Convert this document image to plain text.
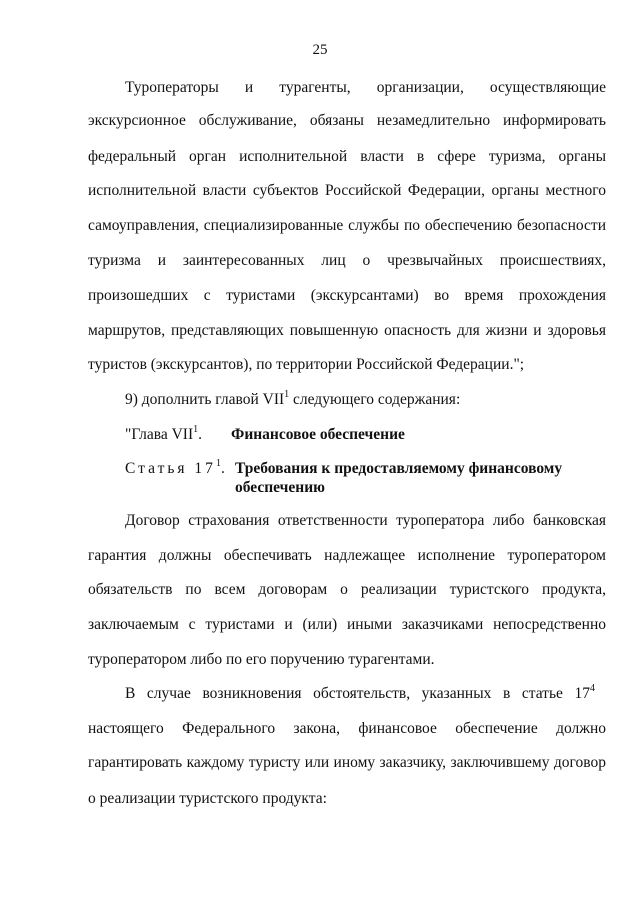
25
Туроператоры и турагенты, организации, осуществляющие
экскурсионное обслуживание, обязаны незамедлительно информировать
федеральный орган исполнительной власти в сфере туризма, органы
исполнительной власти субъектов Российской Федерации, органы местного
самоуправления, специализированные службы по обеспечению безопасности
туризма и заинтересованных лиц о чрезвычайных происшествиях,
произошедших с туристами (экскурсантами) во время прохождения
маршрутов, представляющих повышенную опасность для жизни и здоровья
туристов (экскурсантов), по территории Российской Федерации.";
9) дополнить главой VII$^1$ следующего содержания:
"Глава VII$^1$. Финансовое обеспечение
Статья $17^1$. Требования к предоставляемому финансовому
обеспечению
Договор страхования ответственности туроператора либо банковская
гарантия должны обеспечивать надлежащее исполнение туроператором
обязательств по всем договорам о реализации туристского продукта,
заключаемым с туристами и (или) иными заказчиками непосредственно
туроператором либо по его поручению турагентами.
В случае возникновения обстоятельств, указанных в статье $17^4$
настоящего Федерального закона, финансовое обеспечение должно
гарантировать каждому туристу или иному заказчику, заключившему договор
о реализации туристского продукта:
